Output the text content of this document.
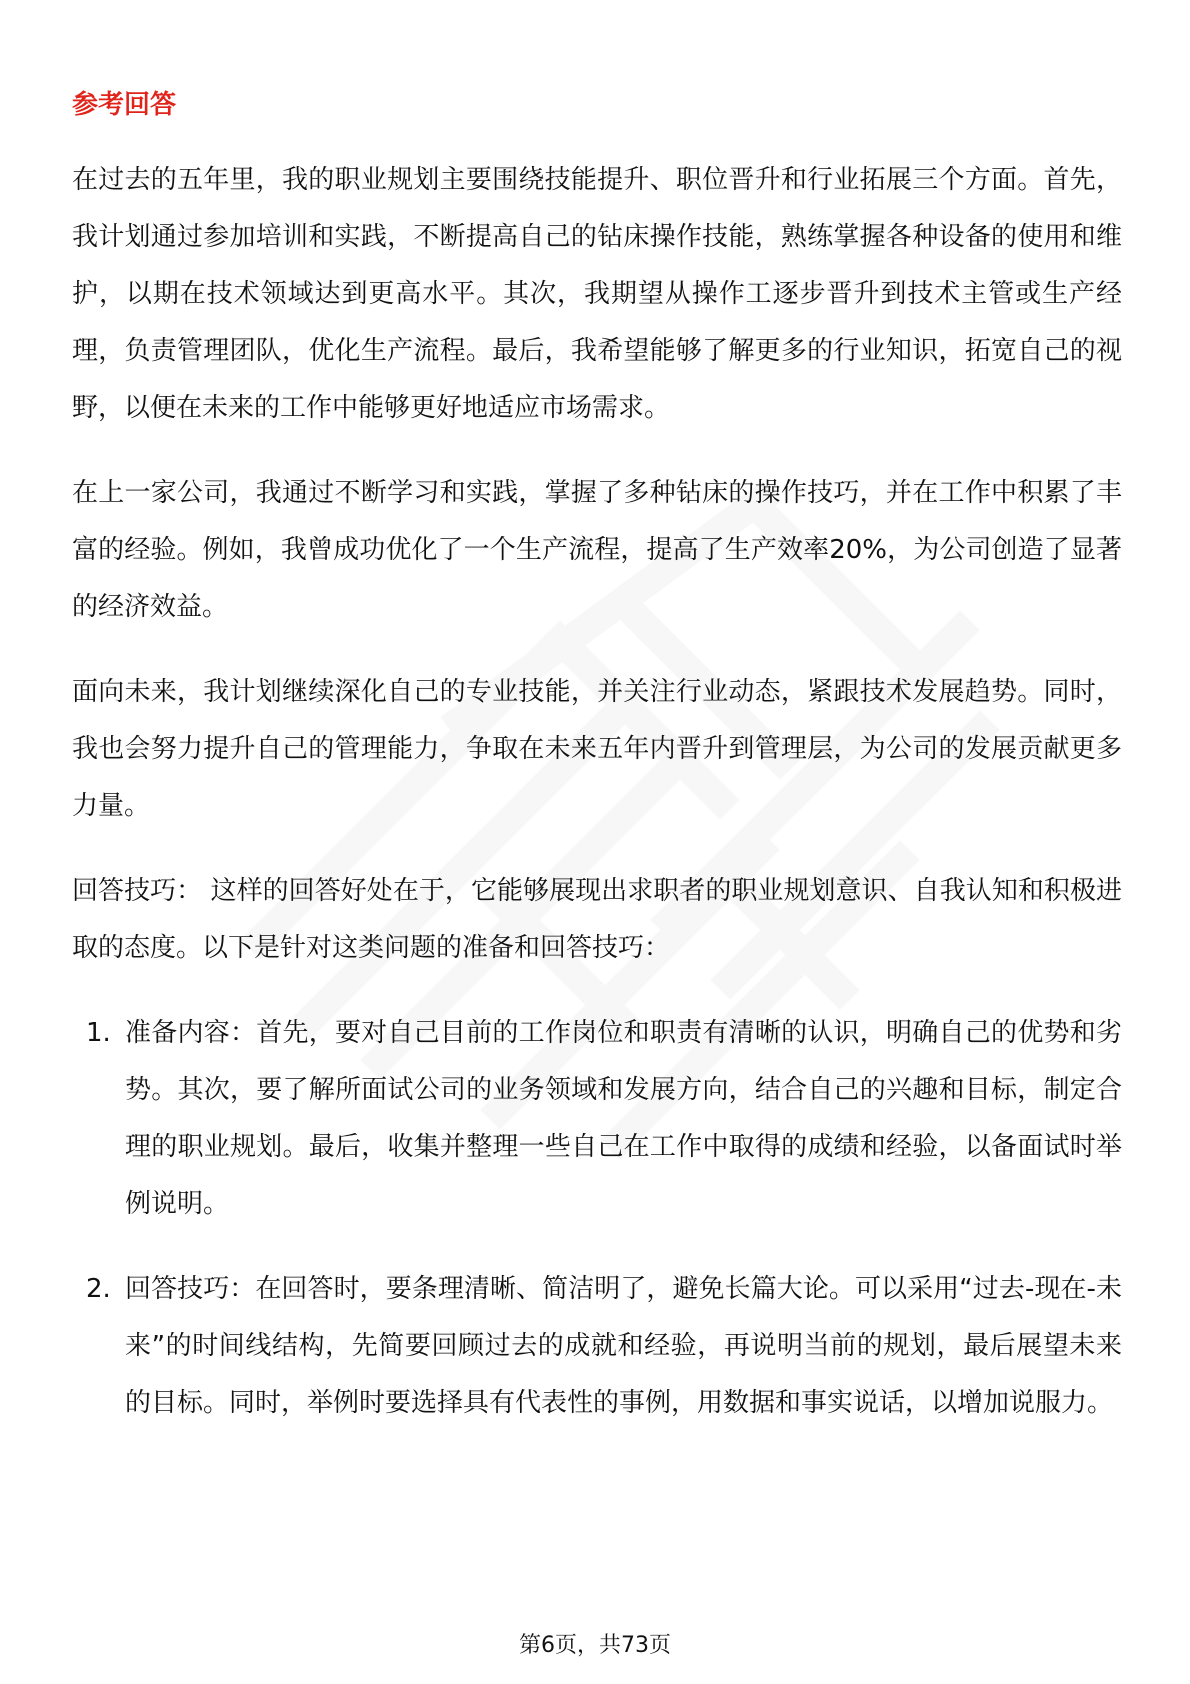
参考回答

在过去的五年里，我的职业规划主要围绕技能提升、职位晋升和行业拓展三个方面。首先，我计划通过参加培训和实践，不断提高自己的钻床操作技能，熟练掌握各种设备的使用和维护，以期在技术领域达到更高水平。其次，我期望从操作工逐步晋升到技术主管或生产经理，负责管理团队，优化生产流程。最后，我希望能够了解更多的行业知识，拓宽自己的视野，以便在未来的工作中能够更好地适应市场需求。

在上一家公司，我通过不断学习和实践，掌握了多种钻床的操作技巧，并在工作中积累了丰富的经验。例如，我曾成功优化了一个生产流程，提高了生产效率20%，为公司创造了显著的经济效益。

面向未来，我计划继续深化自己的专业技能，并关注行业动态，紧跟技术发展趋势。同时，我也会努力提升自己的管理能力，争取在未来五年内晋升到管理层，为公司的发展贡献更多力量。

回答技巧： 这样的回答好处在于，它能够展现出求职者的职业规划意识、自我认知和积极进取的态度。以下是针对这类问题的准备和回答技巧：

1. 准备内容：首先，要对自己目前的工作岗位和职责有清晰的认识，明确自己的优势和劣势。其次，要了解所面试公司的业务领域和发展方向，结合自己的兴趣和目标，制定合理的职业规划。最后，收集并整理一些自己在工作中取得的成绩和经验，以备面试时举例说明。
2. 回答技巧：在回答时，要条理清晰、简洁明了，避免长篇大论。可以采用“过去-现在-未来”的时间线结构，先简要回顾过去的成就和经验，再说明当前的规划，最后展望未来的目标。同时，举例时要选择具有代表性的事例，用数据和事实说话，以增加说服力。
第6页，共73页
